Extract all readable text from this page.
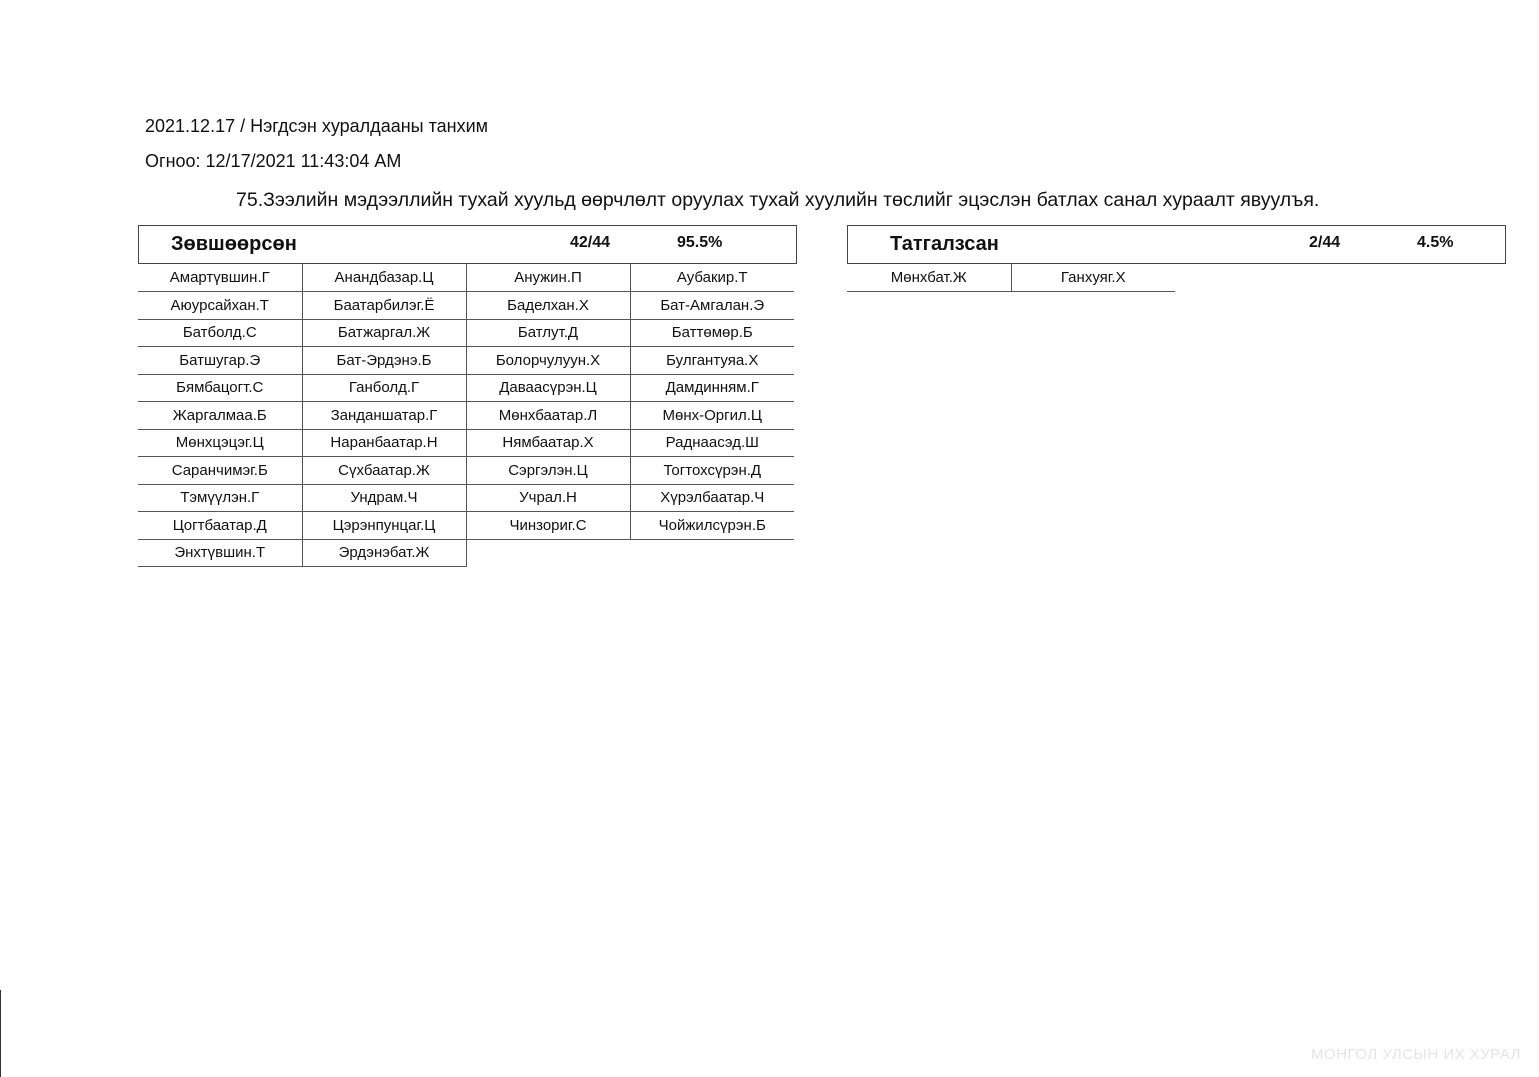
2021.12.17 / Нэгдсэн хуралдааны танхим
Огноо: 12/17/2021 11:43:04 AM
75.Зээлийн мэдээллийн тухай хуульд өөрчлөлт оруулах тухай хуулийн төслийг эцэслэн батлах санал хураалт явуулъя.
Зөвшөөрсөн	42/44	95.5%
Амартүвшин.Г	Анандбазар.Ц	Анужин.П	Аубакир.Т
Аюурсайхан.Т	Баатарбилэг.Ё	Баделхан.Х	Бат-Амгалан.Э
Батболд.С	Батжаргал.Ж	Батлут.Д	Баттөмөр.Б
Батшугар.Э	Бат-Эрдэнэ.Б	Болорчулуун.Х	Булгантуяа.Х
Бямбацогт.С	Ганболд.Г	Даваасүрэн.Ц	Дамдинням.Г
Жаргалмаа.Б	Занданшатар.Г	Мөнхбаатар.Л	Мөнх-Оргил.Ц
Мөнхцэцэг.Ц	Наранбаатар.Н	Нямбаатар.Х	Раднаасэд.Ш
Саранчимэг.Б	Сүхбаатар.Ж	Сэргэлэн.Ц	Тогтохсүрэн.Д
Тэмүүлэн.Г	Ундрам.Ч	Учрал.Н	Хүрэлбаатар.Ч
Цогтбаатар.Д	Цэрэнпунцаг.Ц	Чинзориг.С	Чойжилсүрэн.Б
Энхтүвшин.Т	Эрдэнэбат.Ж		
Татгалзсан	2/44	4.5%
Мөнхбат.Ж	Ганхуяг.Х
МОНГОЛ УЛСЫН ИХ ХУРАЛ
